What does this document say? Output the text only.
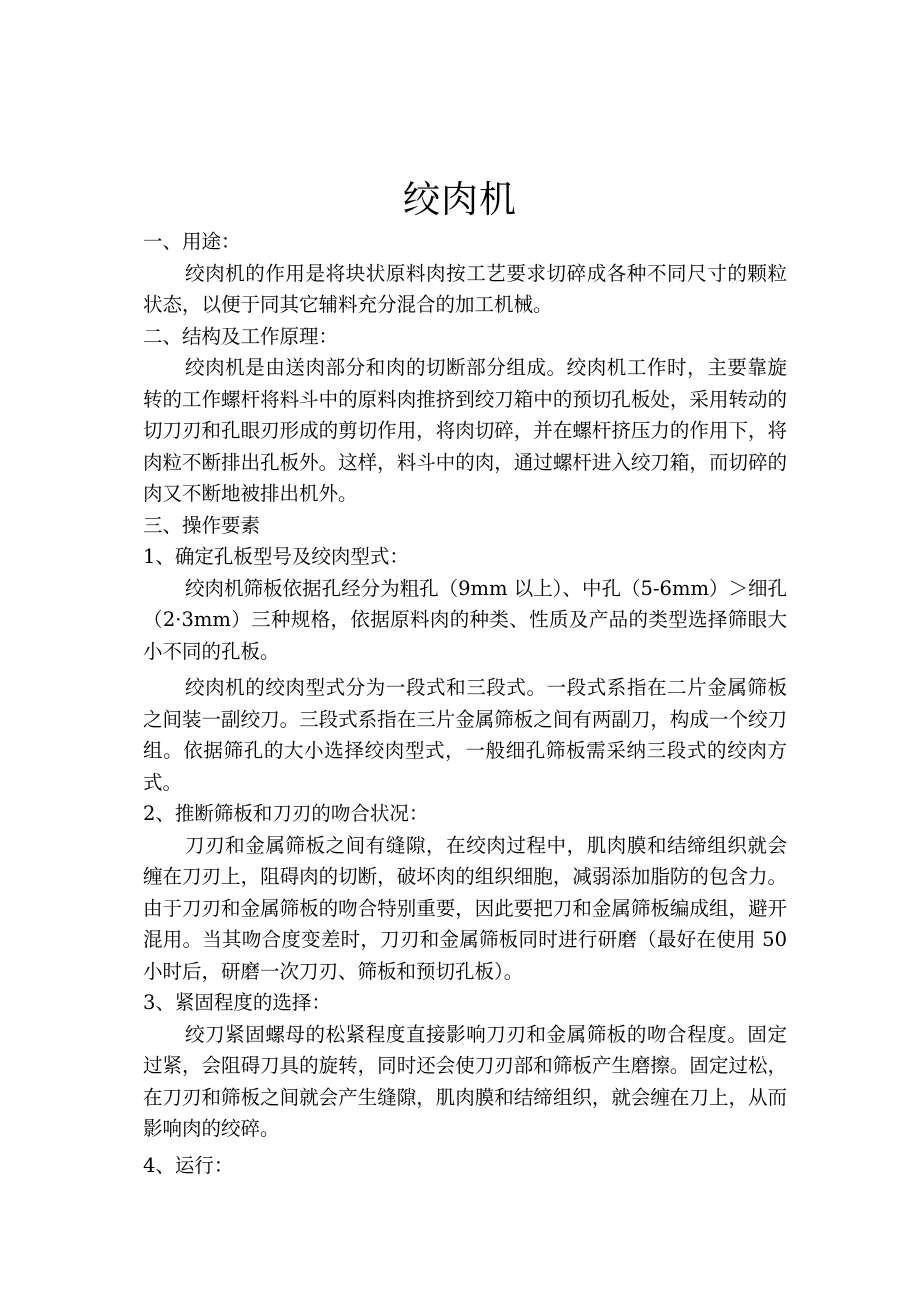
绞肉机

一、用途：

绞肉机的作用是将块状原料肉按工艺要求切碎成各种不同尺寸的颗粒状态，以便于同其它辅料充分混合的加工机械。

二、结构及工作原理：

绞肉机是由送肉部分和肉的切断部分组成。绞肉机工作时，主要靠旋转的工作螺杆将料斗中的原料肉推挤到绞刀箱中的预切孔板处，采用转动的切刀刃和孔眼刃形成的剪切作用，将肉切碎，并在螺杆挤压力的作用下，将肉粒不断排出孔板外。这样，料斗中的肉，通过螺杆进入绞刀箱，而切碎的肉又不断地被排出机外。

三、操作要素

1、确定孔板型号及绞肉型式：

绞肉机筛板依据孔经分为粗孔（9mm 以上）、中孔（5-6mm）＞细孔（2·3mm）三种规格，依据原料肉的种类、性质及产品的类型选择筛眼大小不同的孔板。

绞肉机的绞肉型式分为一段式和三段式。一段式系指在二片金属筛板之间装一副绞刀。三段式系指在三片金属筛板之间有两副刀，构成一个绞刀组。依据筛孔的大小选择绞肉型式，一般细孔筛板需采纳三段式的绞肉方式。

2、推断筛板和刀刃的吻合状况：

刀刃和金属筛板之间有缝隙，在绞肉过程中，肌肉膜和结缔组织就会缠在刀刃上，阻碍肉的切断，破坏肉的组织细胞，减弱添加脂防的包含力。由于刀刃和金属筛板的吻合特别重要，因此要把刀和金属筛板编成组，避开混用。当其吻合度变差时，刀刃和金属筛板同时进行研磨（最好在使用 50 小时后，研磨一次刀刃、筛板和预切孔板）。

3、紧固程度的选择：

绞刀紧固螺母的松紧程度直接影响刀刃和金属筛板的吻合程度。固定过紧，会阻碍刀具的旋转，同时还会使刀刃部和筛板产生磨擦。固定过松，在刀刃和筛板之间就会产生缝隙，肌肉膜和结缔组织，就会缠在刀上，从而影响肉的绞碎。

4、运行：
